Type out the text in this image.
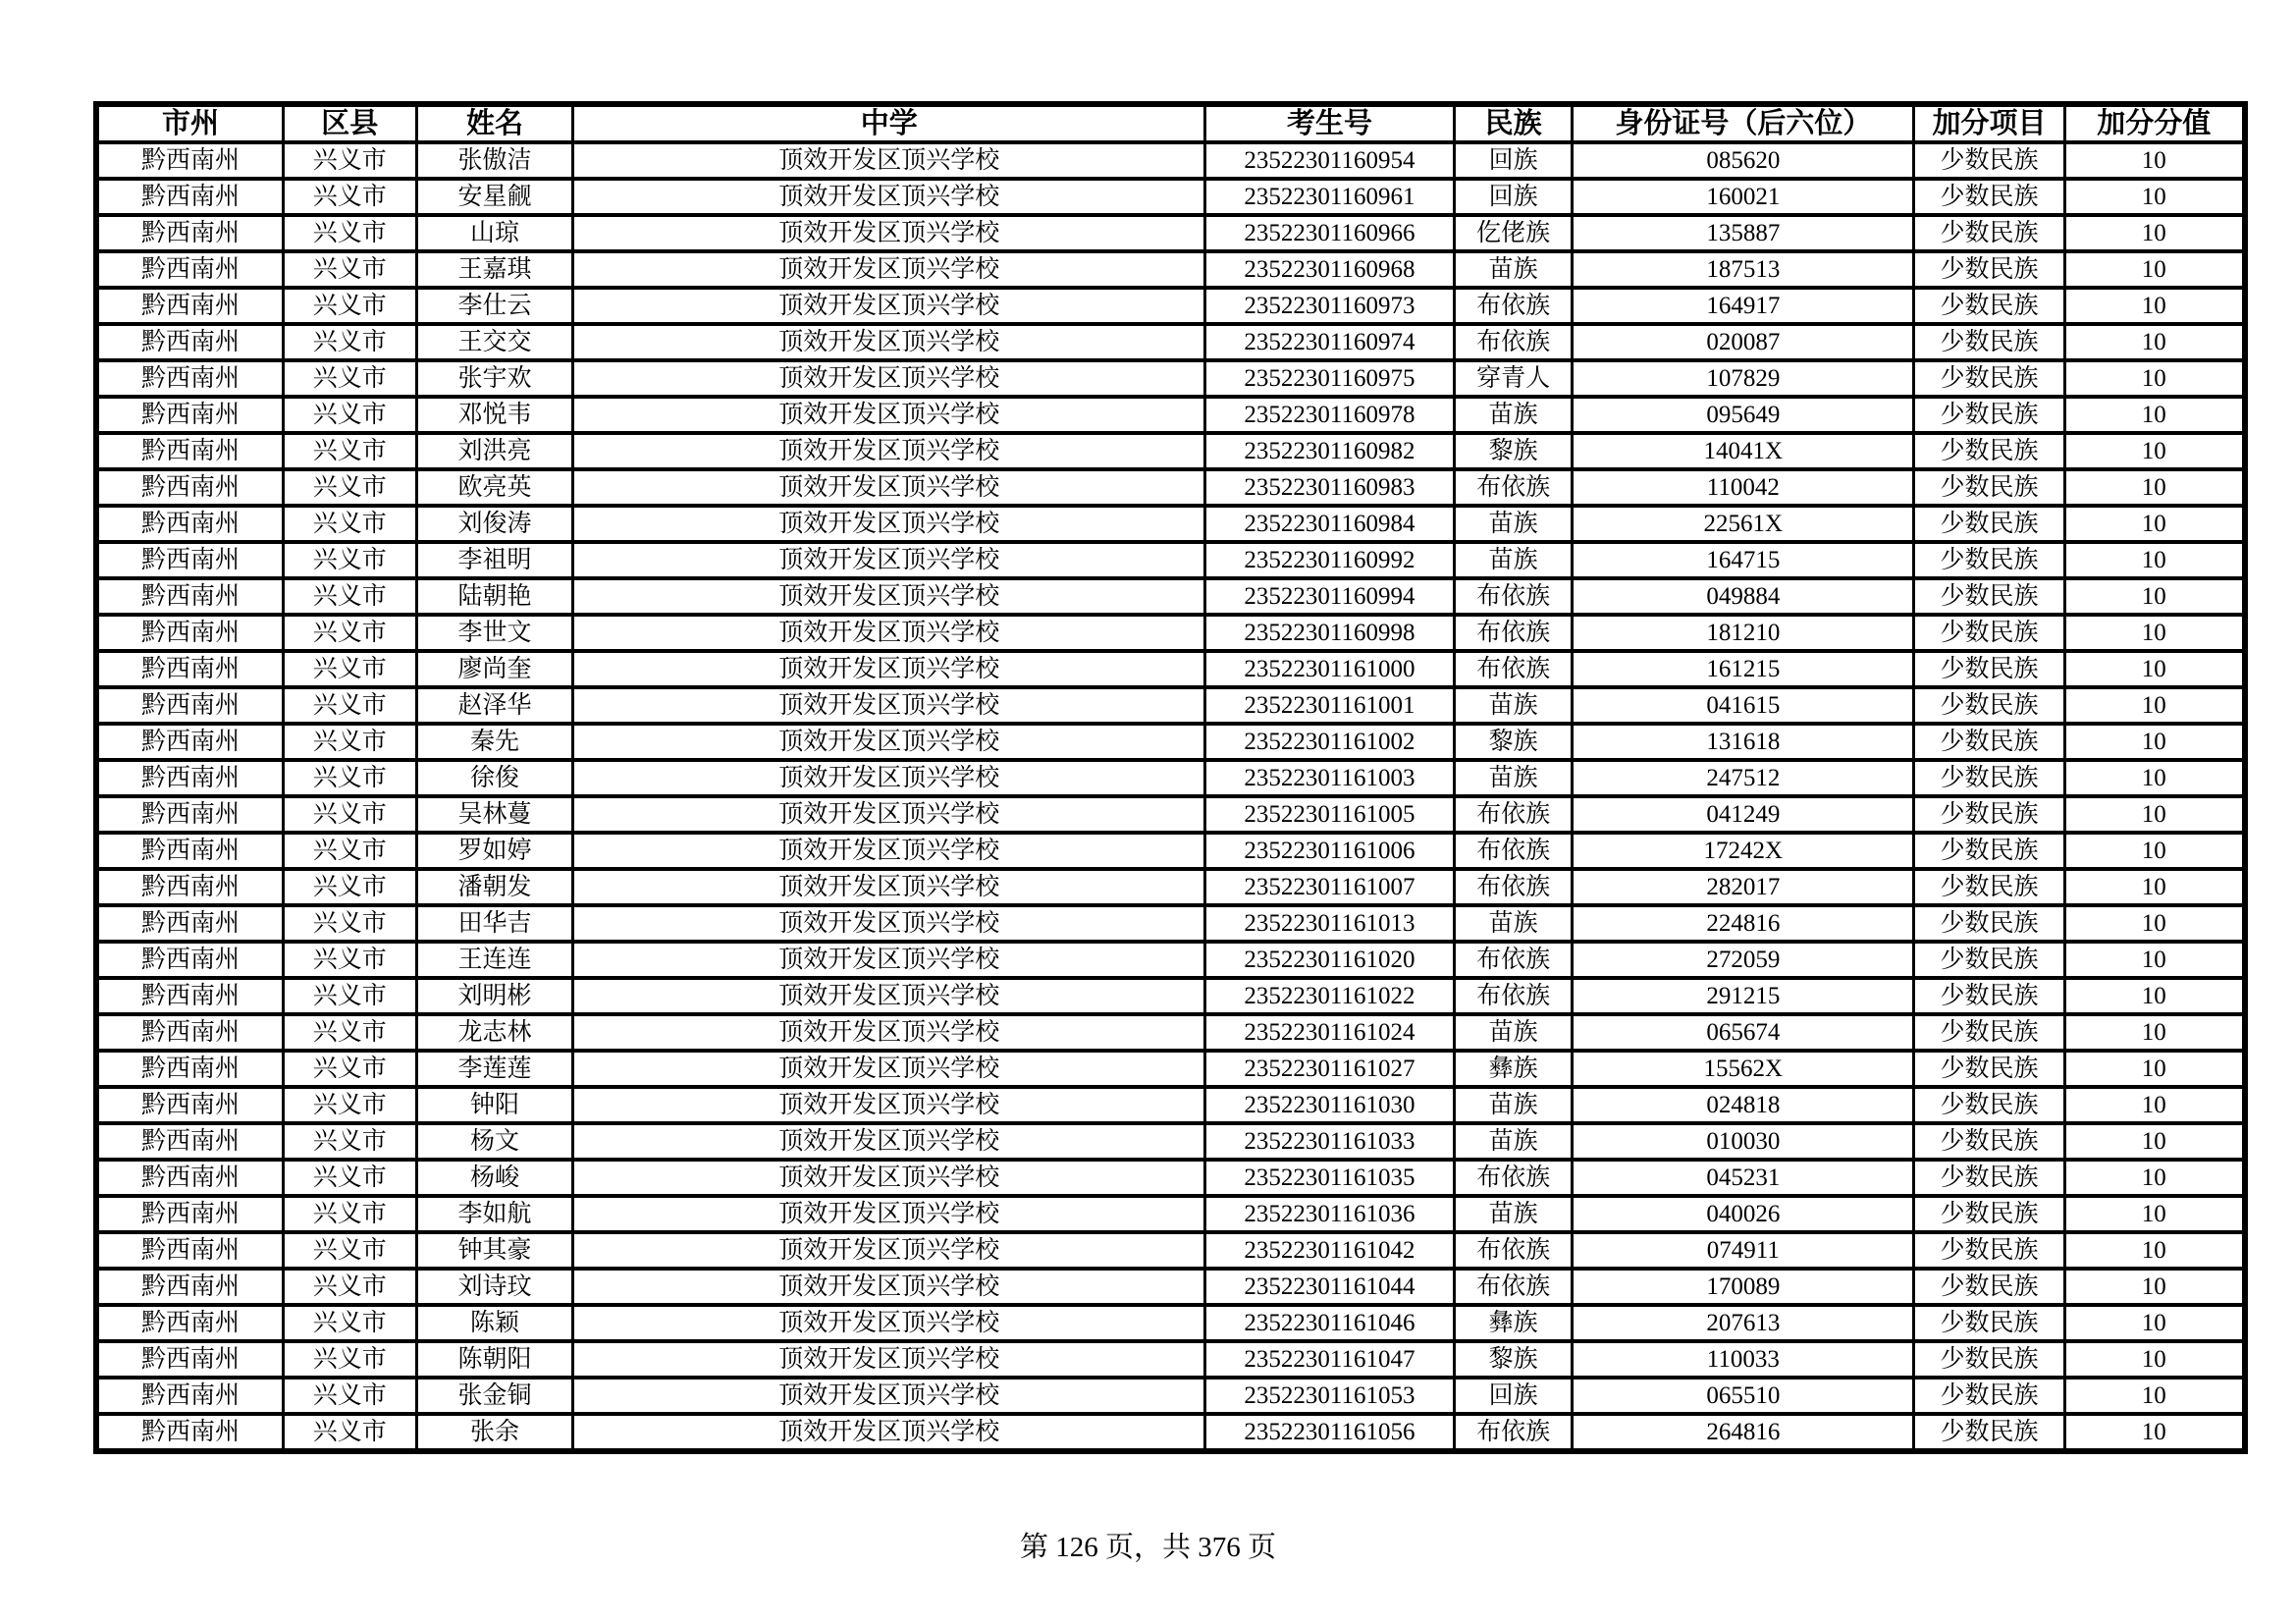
市州	区县	姓名	中学	考生号	民族	身份证号（后六位）	加分项目	加分分值
黔西南州	兴义市	张傲洁	顶效开发区顶兴学校	23522301160954	回族	085620	少数民族	10
黔西南州	兴义市	安星觎	顶效开发区顶兴学校	23522301160961	回族	160021	少数民族	10
黔西南州	兴义市	山琼	顶效开发区顶兴学校	23522301160966	仡佬族	135887	少数民族	10
黔西南州	兴义市	王嘉琪	顶效开发区顶兴学校	23522301160968	苗族	187513	少数民族	10
黔西南州	兴义市	李仕云	顶效开发区顶兴学校	23522301160973	布依族	164917	少数民族	10
黔西南州	兴义市	王交交	顶效开发区顶兴学校	23522301160974	布依族	020087	少数民族	10
黔西南州	兴义市	张宇欢	顶效开发区顶兴学校	23522301160975	穿青人	107829	少数民族	10
黔西南州	兴义市	邓悦韦	顶效开发区顶兴学校	23522301160978	苗族	095649	少数民族	10
黔西南州	兴义市	刘洪亮	顶效开发区顶兴学校	23522301160982	黎族	14041X	少数民族	10
黔西南州	兴义市	欧亮英	顶效开发区顶兴学校	23522301160983	布依族	110042	少数民族	10
黔西南州	兴义市	刘俊涛	顶效开发区顶兴学校	23522301160984	苗族	22561X	少数民族	10
黔西南州	兴义市	李祖明	顶效开发区顶兴学校	23522301160992	苗族	164715	少数民族	10
黔西南州	兴义市	陆朝艳	顶效开发区顶兴学校	23522301160994	布依族	049884	少数民族	10
黔西南州	兴义市	李世文	顶效开发区顶兴学校	23522301160998	布依族	181210	少数民族	10
黔西南州	兴义市	廖尚奎	顶效开发区顶兴学校	23522301161000	布依族	161215	少数民族	10
黔西南州	兴义市	赵泽华	顶效开发区顶兴学校	23522301161001	苗族	041615	少数民族	10
黔西南州	兴义市	秦先	顶效开发区顶兴学校	23522301161002	黎族	131618	少数民族	10
黔西南州	兴义市	徐俊	顶效开发区顶兴学校	23522301161003	苗族	247512	少数民族	10
黔西南州	兴义市	吴林蔓	顶效开发区顶兴学校	23522301161005	布依族	041249	少数民族	10
黔西南州	兴义市	罗如婷	顶效开发区顶兴学校	23522301161006	布依族	17242X	少数民族	10
黔西南州	兴义市	潘朝发	顶效开发区顶兴学校	23522301161007	布依族	282017	少数民族	10
黔西南州	兴义市	田华吉	顶效开发区顶兴学校	23522301161013	苗族	224816	少数民族	10
黔西南州	兴义市	王连连	顶效开发区顶兴学校	23522301161020	布依族	272059	少数民族	10
黔西南州	兴义市	刘明彬	顶效开发区顶兴学校	23522301161022	布依族	291215	少数民族	10
黔西南州	兴义市	龙志林	顶效开发区顶兴学校	23522301161024	苗族	065674	少数民族	10
黔西南州	兴义市	李莲莲	顶效开发区顶兴学校	23522301161027	彝族	15562X	少数民族	10
黔西南州	兴义市	钟阳	顶效开发区顶兴学校	23522301161030	苗族	024818	少数民族	10
黔西南州	兴义市	杨文	顶效开发区顶兴学校	23522301161033	苗族	010030	少数民族	10
黔西南州	兴义市	杨峻	顶效开发区顶兴学校	23522301161035	布依族	045231	少数民族	10
黔西南州	兴义市	李如航	顶效开发区顶兴学校	23522301161036	苗族	040026	少数民族	10
黔西南州	兴义市	钟其豪	顶效开发区顶兴学校	23522301161042	布依族	074911	少数民族	10
黔西南州	兴义市	刘诗玟	顶效开发区顶兴学校	23522301161044	布依族	170089	少数民族	10
黔西南州	兴义市	陈颖	顶效开发区顶兴学校	23522301161046	彝族	207613	少数民族	10
黔西南州	兴义市	陈朝阳	顶效开发区顶兴学校	23522301161047	黎族	110033	少数民族	10
黔西南州	兴义市	张金铜	顶效开发区顶兴学校	23522301161053	回族	065510	少数民族	10
黔西南州	兴义市	张余	顶效开发区顶兴学校	23522301161056	布依族	264816	少数民族	10
第 126 页，共 376 页
